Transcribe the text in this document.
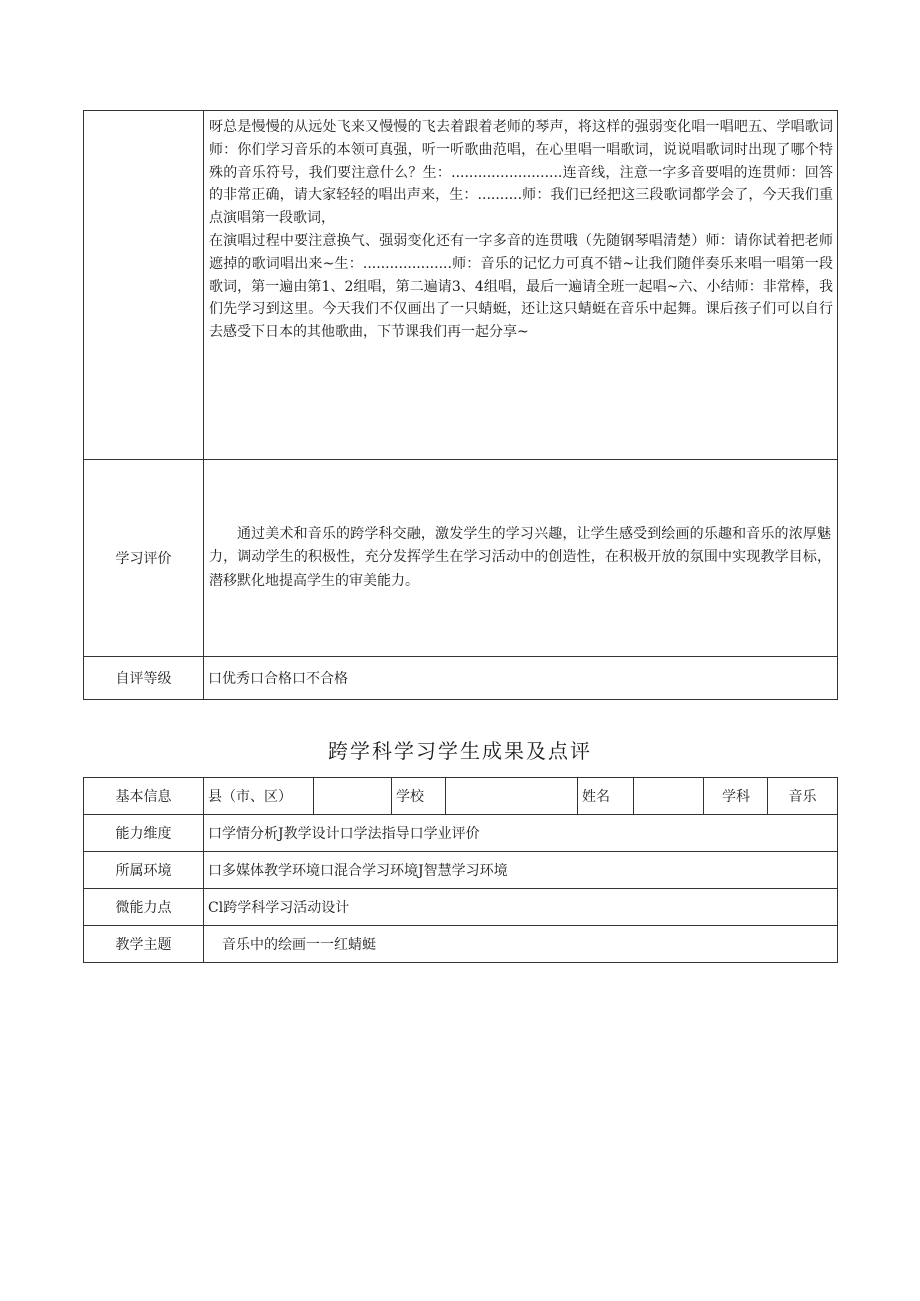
	呀总是慢慢的从远处飞来又慢慢的飞去着跟着老师的琴声，将这样的强弱变化唱一唱吧五、学唱歌词师：你们学习音乐的本领可真强，听一听歌曲范唱，在心里唱一唱歌词，说说唱歌词时出现了哪个特殊的音乐符号，我们要注意什么？生：.........................连音线，注意一字多音要唱的连贯师：回答的非常正确，请大家轻轻的唱出声来，生：..........师：我们已经把这三段歌词都学会了，今天我们重点演唱第一段歌词，

在演唱过程中要注意换气、强弱变化还有一字多音的连贯哦（先随钢琴唱清楚）师：请你试着把老师遮掉的歌词唱出来~生：....................师：音乐的记忆力可真不错~让我们随伴奏乐来唱一唱第一段歌词，第一遍由第1、2组唱，第二遍请3、4组唱，最后一遍请全班一起唱~六、小结师：非常棒，我们先学习到这里。今天我们不仅画出了一只蜻蜓，还让这只蜻蜓在音乐中起舞。课后孩子们可以自行去感受下日本的其他歌曲，下节课我们再一起分享~

学习评价	通过美术和音乐的跨学科交融，激发学生的学习兴趣，让学生感受到绘画的乐趣和音乐的浓厚魅力，调动学生的积极性，充分发挥学生在学习活动中的创造性，在积极开放的氛围中实现教学目标，潜移默化地提高学生的审美能力。

自评等级	口优秀口合格口不合格
跨学科学习学生成果及点评
基本信息	县（市、区）		学校		姓名		学科	音乐
能力维度	口学情分析J教学设计口学法指导口学业评价							
所属环境	口多媒体教学环境口混合学习环境J智慧学习环境							
微能力点	Cl跨学科学习活动设计							
教学主题	音乐中的绘画一一红蜻蜓							
